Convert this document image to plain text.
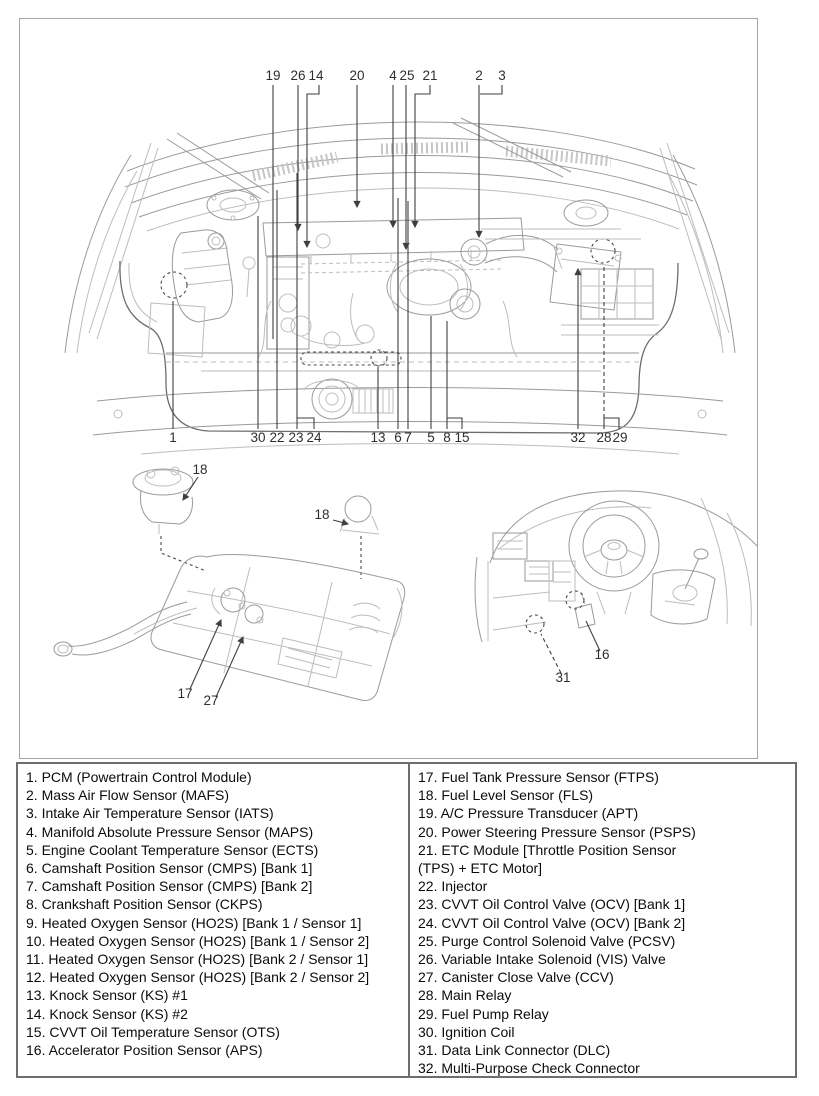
19 26 14 20 4 25 21	2 3
1	30 22 23 24	13 6 7 5 8 15	32 28 29
18
18
17 27
16
31
1. PCM (Powertrain Control Module)
2. Mass Air Flow Sensor (MAFS)
3. Intake Air Temperature Sensor (IATS)
4. Manifold Absolute Pressure Sensor (MAPS)
5. Engine Coolant Temperature Sensor (ECTS)
6. Camshaft Position Sensor (CMPS) [Bank 1]
7. Camshaft Position Sensor (CMPS) [Bank 2]
8. Crankshaft Position Sensor (CKPS)
9. Heated Oxygen Sensor (HO2S) [Bank 1 / Sensor 1]
10. Heated Oxygen Sensor (HO2S) [Bank 1 / Sensor 2]
11. Heated Oxygen Sensor (HO2S) [Bank 2 / Sensor 1]
12. Heated Oxygen Sensor (HO2S) [Bank 2 / Sensor 2]
13. Knock Sensor (KS) #1
14. Knock Sensor (KS) #2
15. CVVT Oil Temperature Sensor (OTS)
16. Accelerator Position Sensor (APS)
17. Fuel Tank Pressure Sensor (FTPS)
18. Fuel Level Sensor (FLS)
19. A/C Pressure Transducer (APT)
20. Power Steering Pressure Sensor (PSPS)
21. ETC Module [Throttle Position Sensor
(TPS) + ETC Motor]
22. Injector
23. CVVT Oil Control Valve (OCV) [Bank 1]
24. CVVT Oil Control Valve (OCV) [Bank 2]
25. Purge Control Solenoid Valve (PCSV)
26. Variable Intake Solenoid (VIS) Valve
27. Canister Close Valve (CCV)
28. Main Relay
29. Fuel Pump Relay
30. Ignition Coil
31. Data Link Connector (DLC)
32. Multi-Purpose Check Connector
